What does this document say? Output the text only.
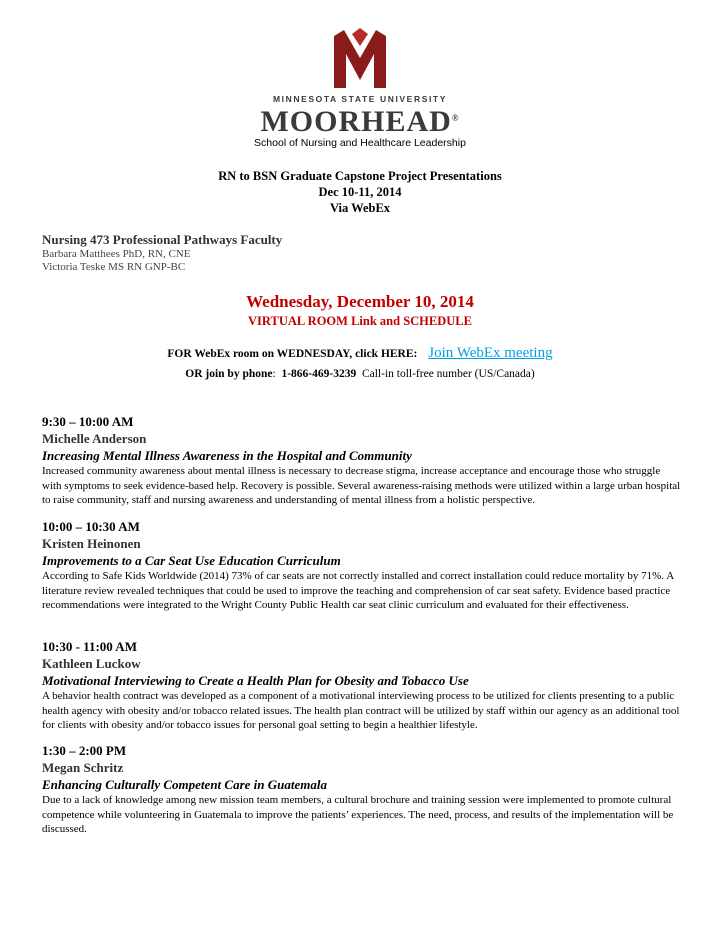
MINNESOTA STATE UNIVERSITY
MOORHEAD®
School of Nursing and Healthcare Leadership
RN to BSN Graduate Capstone Project Presentations
Dec 10-11, 2014
Via WebEx
Nursing 473 Professional Pathways Faculty
Barbara Matthees PhD, RN, CNE
Victoria Teske MS RN GNP-BC
Wednesday, December 10, 2014
VIRTUAL ROOM Link and SCHEDULE
FOR WebEx room on WEDNESDAY, click HERE: Join WebEx meeting
OR join by phone: 1-866-469-3239 Call-in toll-free number (US/Canada)
9:30 – 10:00 AM
Michelle Anderson
Increasing Mental Illness Awareness in the Hospital and Community
Increased community awareness about mental illness is necessary to decrease stigma, increase acceptance and encourage those who struggle with symptoms to seek evidence-based help. Recovery is possible. Several awareness-raising methods were utilized within a large urban hospital to raise community, staff and nursing awareness and understanding of mental illness from a holistic perspective.
10:00 – 10:30 AM
Kristen Heinonen
Improvements to a Car Seat Use Education Curriculum
According to Safe Kids Worldwide (2014) 73% of car seats are not correctly installed and correct installation could reduce mortality by 71%. A literature review revealed techniques that could be used to improve the teaching and comprehension of car seat safety. Evidence based practice recommendations were integrated to the Wright County Public Health car seat clinic curriculum and evaluated for their effectiveness.
10:30 - 11:00 AM
Kathleen Luckow
Motivational Interviewing to Create a Health Plan for Obesity and Tobacco Use
A behavior health contract was developed as a component of a motivational interviewing process to be utilized for clients presenting to a public health agency with obesity and/or tobacco related issues. The health plan contract will be utilized by staff within our agency as an additional tool for clients with obesity and/or tobacco issues for personal goal setting to begin a healthier lifestyle.
1:30 – 2:00 PM
Megan Schritz
Enhancing Culturally Competent Care in Guatemala
Due to a lack of knowledge among new mission team members, a cultural brochure and training session were implemented to promote cultural competence while volunteering in Guatemala to improve the patients’ experiences. The need, process, and results of the implementation will be discussed.
